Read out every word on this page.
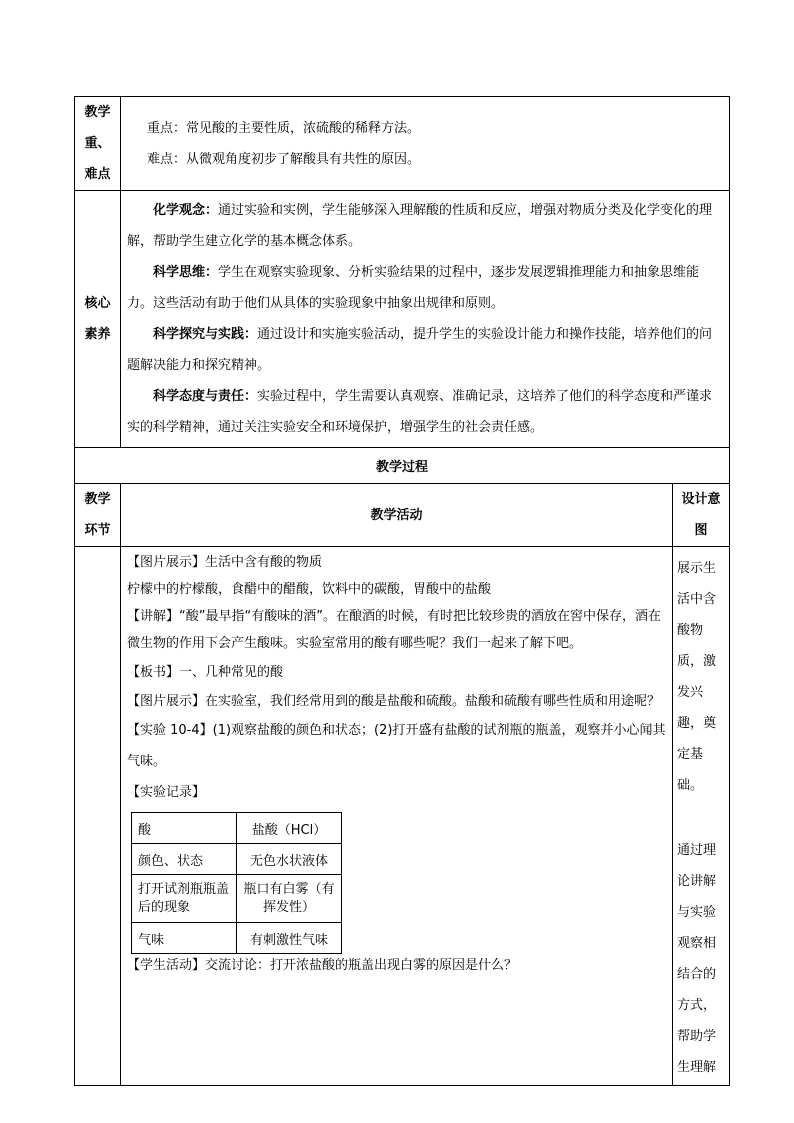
教学
重、
难点

重点：常见酸的主要性质，浓硫酸的稀释方法。

难点：从微观角度初步了解酸具有共性的原因。

核心
素养

化学观念：通过实验和实例，学生能够深入理解酸的性质和反应，增强对物质分类及化学变化的理解，帮助学生建立化学的基本概念体系。

科学思维：学生在观察实验现象、分析实验结果的过程中，逐步发展逻辑推理能力和抽象思维能力。这些活动有助于他们从具体的实验现象中抽象出规律和原则。

科学探究与实践：通过设计和实施实验活动，提升学生的实验设计能力和操作技能，培养他们的问题解决能力和探究精神。

科学态度与责任：实验过程中，学生需要认真观察、准确记录，这培养了他们的科学态度和严谨求实的科学精神，通过关注实验安全和环境保护，增强学生的社会责任感。

教学过程

教学
环节
	教学活动	
设计意
图

【图片展示】生活中含有酸的物质

柠檬中的柠檬酸，食醋中的醋酸，饮料中的碳酸，胃酸中的盐酸

【讲解】“酸”最早指“有酸味的酒”。在酿酒的时候，有时把比较珍贵的酒放在窖中保存，酒在微生物的作用下会产生酸味。实验室常用的酸有哪些呢？我们一起来了解下吧。

【板书】一、几种常见的酸

【图片展示】在实验室，我们经常用到的酸是盐酸和硫酸。盐酸和硫酸有哪些性质和用途呢？

【实验 10-4】(1)观察盐酸的颜色和状态；(2)打开盛有盐酸的试剂瓶的瓶盖，观察并小心闻其气味。

【实验记录】

酸	盐酸（HCl）
颜色、状态	无色水状液体
打开试剂瓶瓶盖后的现象	瓶口有白雾（有挥发性）
气味	有刺激性气味

【学生活动】交流讨论：打开浓盐酸的瓶盖出现白雾的原因是什么？

展示生活中含酸物质，激发兴趣，奠定基础。
通过理论讲解与实验观察相结合的方式，帮助学生理解
